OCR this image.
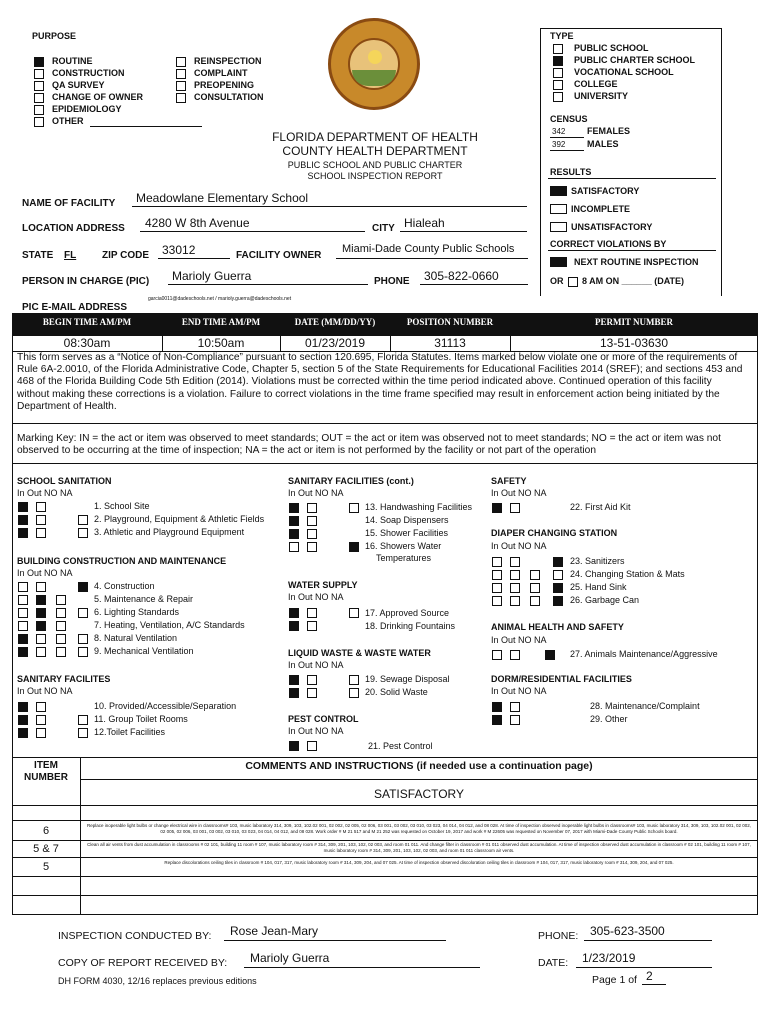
PURPOSE
ROUTINE
CONSTRUCTION
QA SURVEY
CHANGE OF OWNER
EPIDEMIOLOGY
OTHER
REINSPECTION
COMPLAINT
PREOPENING
CONSULTATION
FLORIDA DEPARTMENT OF HEALTH
COUNTY HEALTH DEPARTMENT
PUBLIC SCHOOL AND PUBLIC CHARTER
SCHOOL INSPECTION REPORT
TYPE
PUBLIC SCHOOL
PUBLIC CHARTER SCHOOL
VOCATIONAL SCHOOL
COLLEGE
UNIVERSITY
CENSUS
342 FEMALES
392 MALES
RESULTS
SATISFACTORY
INCOMPLETE
UNSATISFACTORY
CORRECT VIOLATIONS BY
NEXT ROUTINE INSPECTION
OR 8 AM ON ______ (DATE)
NAME OF FACILITY Meadowlane Elementary School
LOCATION ADDRESS 4280 W 8th Avenue	CITY Hialeah
STATE FL	ZIP CODE 33012	FACILITY OWNER
Miami-Dade County Public Schools
PERSON IN CHARGE (PIC) Marioly Guerra	PHONE 305-822-0660
garcia0011@dadeschools.net / marioly.guerra@dadeschools.net
PIC E-MAIL ADDRESS
BEGIN TIME AM/PM	END TIME AM/PM	DATE (MM/DD/YY)	POSITION NUMBER	PERMIT NUMBER
08:30am	10:50am	01/23/2019	31113	13-51-03630
This form serves as a “Notice of Non-Compliance” pursuant to section 120.695, Florida Statutes. Items marked below violate one or more of the requirements of Rule 6A-2.0010, of the Florida Administrative Code, Chapter 5, section 5 of the State Requirements for Educational Facilities 2014 (SREF); and sections 453 and 468 of the Florida Building Code 5th Edition (2014). Violations must be corrected within the time period indicated above. Continued operation of this facility without making these corrections is a violation. Failure to correct violations in the time frame specified may result in enforcement action being initiated by the Department of Health.
Marking Key: IN = the act or item was observed to meet standards; OUT = the act or item was observed not to meet standards; NO = the act or item was not observed to be occurring at the time of inspection; NA = the act or item is not performed by the facility or not part of the operation
SCHOOL SANITATION
In Out NO NA
1. School Site
2. Playground, Equipment & Athletic Fields
3. Athletic and Playground Equipment
BUILDING CONSTRUCTION AND MAINTENANCE
In Out NO NA
4. Construction
5. Maintenance & Repair
6. Lighting Standards
7. Heating, Ventilation, A/C Standards
8. Natural Ventilation
9. Mechanical Ventilation
SANITARY FACILITES
In Out NO NA
10. Provided/Accessible/Separation
11. Group Toilet Rooms
12.Toilet Facilities
SANITARY FACILITIES (cont.)
In Out NO NA
13. Handwashing Facilities
14. Soap Dispensers
15. Shower Facilities
16. Showers Water
Temperatures
WATER SUPPLY
In Out NO NA
17. Approved Source
18. Drinking Fountains
LIQUID WASTE & WASTE WATER
In Out NO NA
19. Sewage Disposal
20. Solid Waste
PEST CONTROL
In Out NO NA
21. Pest Control
SAFETY
In Out NO NA
22. First Aid Kit
DIAPER CHANGING STATION
In Out NO NA
23. Sanitizers
24. Changing Station & Mats
25. Hand Sink
26. Garbage Can
ANIMAL HEALTH AND SAFETY
In Out NO NA
27. Animals Maintenance/Aggressive
DORM/RESIDENTIAL FACILITIES
In Out NO NA
28. Maintenance/Complaint
29. Other
ITEM
NUMBER
COMMENTS AND INSTRUCTIONS (if needed use a continuation page)
SATISFACTORY
6	Replace inoperable light bulbs or change electrical wire in classrooms# 103, music laboratory 314, 309, 103, 102.02 001, 02 002, 02 005, 02 006, 03 001, 03 002, 03 010, 03 023, 04 014, 04 012, and 08 028. At time of inspection observed inoperable light bulbs in classrooms# 103, music laboratory 314, 309, 103, 102.02 001, 02 002, 02 005, 02 006, 03 001, 03 002, 03 010, 03 023, 04 014, 04 012, and 08 028. Work order # M 21 517 and M 21 252 was requested on October 19, 2017 and work # M 22605 was requested on November 07, 2017 with Miami-Dade County Public Schools board.
5 & 7	Clean all air vents from dust accumulation in classrooms # 02 101, building 11 room # 107, music laboratory room # 314, 309, 201, 103, 102, 02 003, and room 01 011. And change filter in classroom # 01 011 observed dust accumulation. At time of inspection observed dust accumulation in classroom # 02 101, building 11 room # 107, music laboratory room # 314, 309, 201, 103, 102, 02 003, and room 01 011 classroom air vents.
5	Replace discolorations ceiling tiles in classroom # 104, 017, 317, music laboratory room # 314, 309, 204, and 07 025. At time of inspection observed discoloration ceiling tiles in classroom # 104, 017, 317, music laboratory room # 314, 309, 204, and 07 025.
INSPECTION CONDUCTED BY: Rose Jean-Mary	PHONE: 305-623-3500
COPY OF REPORT RECEIVED BY: Marioly Guerra	DATE: 1/23/2019
DH FORM 4030, 12/16 replaces previous editions	Page 1 of 2
